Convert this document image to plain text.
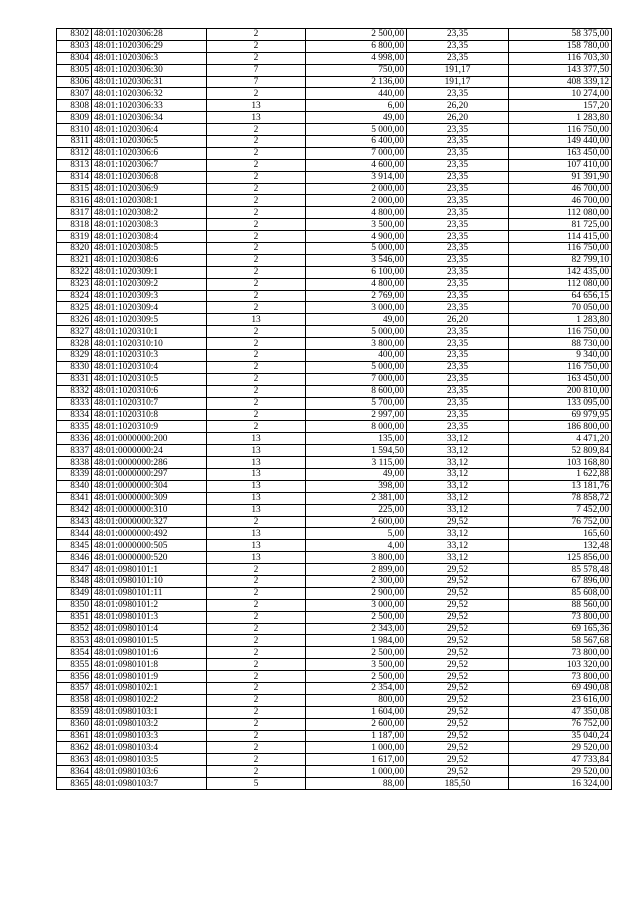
8302	48:01:1020306:28	2	2 500,00	23,35	58 375,00
8303	48:01:1020306:29	2	6 800,00	23,35	158 780,00
8304	48:01:1020306:3	2	4 998,00	23,35	116 703,30
8305	48:01:1020306:30	7	750,00	191,17	143 377,50
8306	48:01:1020306:31	7	2 136,00	191,17	408 339,12
8307	48:01:1020306:32	2	440,00	23,35	10 274,00
8308	48:01:1020306:33	13	6,00	26,20	157,20
8309	48:01:1020306:34	13	49,00	26,20	1 283,80
8310	48:01:1020306:4	2	5 000,00	23,35	116 750,00
8311	48:01:1020306:5	2	6 400,00	23,35	149 440,00
8312	48:01:1020306:6	2	7 000,00	23,35	163 450,00
8313	48:01:1020306:7	2	4 600,00	23,35	107 410,00
8314	48:01:1020306:8	2	3 914,00	23,35	91 391,90
8315	48:01:1020306:9	2	2 000,00	23,35	46 700,00
8316	48:01:1020308:1	2	2 000,00	23,35	46 700,00
8317	48:01:1020308:2	2	4 800,00	23,35	112 080,00
8318	48:01:1020308:3	2	3 500,00	23,35	81 725,00
8319	48:01:1020308:4	2	4 900,00	23,35	114 415,00
8320	48:01:1020308:5	2	5 000,00	23,35	116 750,00
8321	48:01:1020308:6	2	3 546,00	23,35	82 799,10
8322	48:01:1020309:1	2	6 100,00	23,35	142 435,00
8323	48:01:1020309:2	2	4 800,00	23,35	112 080,00
8324	48:01:1020309:3	2	2 769,00	23,35	64 656,15
8325	48:01:1020309:4	2	3 000,00	23,35	70 050,00
8326	48:01:1020309:5	13	49,00	26,20	1 283,80
8327	48:01:1020310:1	2	5 000,00	23,35	116 750,00
8328	48:01:1020310:10	2	3 800,00	23,35	88 730,00
8329	48:01:1020310:3	2	400,00	23,35	9 340,00
8330	48:01:1020310:4	2	5 000,00	23,35	116 750,00
8331	48:01:1020310:5	2	7 000,00	23,35	163 450,00
8332	48:01:1020310:6	2	8 600,00	23,35	200 810,00
8333	48:01:1020310:7	2	5 700,00	23,35	133 095,00
8334	48:01:1020310:8	2	2 997,00	23,35	69 979,95
8335	48:01:1020310:9	2	8 000,00	23,35	186 800,00
8336	48:01:0000000:200	13	135,00	33,12	4 471,20
8337	48:01:0000000:24	13	1 594,50	33,12	52 809,84
8338	48:01:0000000:286	13	3 115,00	33,12	103 168,80
8339	48:01:0000000:297	13	49,00	33,12	1 622,88
8340	48:01:0000000:304	13	398,00	33,12	13 181,76
8341	48:01:0000000:309	13	2 381,00	33,12	78 858,72
8342	48:01:0000000:310	13	225,00	33,12	7 452,00
8343	48:01:0000000:327	2	2 600,00	29,52	76 752,00
8344	48:01:0000000:492	13	5,00	33,12	165,60
8345	48:01:0000000:505	13	4,00	33,12	132,48
8346	48:01:0000000:520	13	3 800,00	33,12	125 856,00
8347	48:01:0980101:1	2	2 899,00	29,52	85 578,48
8348	48:01:0980101:10	2	2 300,00	29,52	67 896,00
8349	48:01:0980101:11	2	2 900,00	29,52	85 608,00
8350	48:01:0980101:2	2	3 000,00	29,52	88 560,00
8351	48:01:0980101:3	2	2 500,00	29,52	73 800,00
8352	48:01:0980101:4	2	2 343,00	29,52	69 165,36
8353	48:01:0980101:5	2	1 984,00	29,52	58 567,68
8354	48:01:0980101:6	2	2 500,00	29,52	73 800,00
8355	48:01:0980101:8	2	3 500,00	29,52	103 320,00
8356	48:01:0980101:9	2	2 500,00	29,52	73 800,00
8357	48:01:0980102:1	2	2 354,00	29,52	69 490,08
8358	48:01:0980102:2	2	800,00	29,52	23 616,00
8359	48:01:0980103:1	2	1 604,00	29,52	47 350,08
8360	48:01:0980103:2	2	2 600,00	29,52	76 752,00
8361	48:01:0980103:3	2	1 187,00	29,52	35 040,24
8362	48:01:0980103:4	2	1 000,00	29,52	29 520,00
8363	48:01:0980103:5	2	1 617,00	29,52	47 733,84
8364	48:01:0980103:6	2	1 000,00	29,52	29 520,00
8365	48:01:0980103:7	5	88,00	185,50	16 324,00
